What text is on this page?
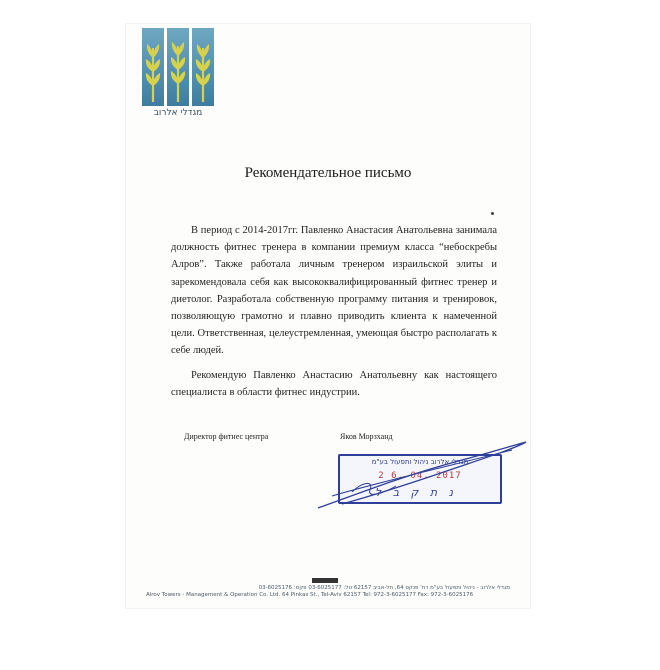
מגדלי אלרוב
Рекомендательное письмо

В период с 2014-2017гг. Павленко Анастасия Анатольевна занимала должность фитнес тренера в компании премиум класса “небоскребы Алров”. Также работала личным тренером израильской элиты и зарекомендовала себя как высококвалифицированный фитнес тренер и диетолог. Разработала собственную программу питания и тренировок, позволяющую грамотно и плавно приводить клиента к намеченной цели. Ответственная, целеустремленная, умеющая быстро располагать к себе людей.

Рекомендую Павленко Анастасию Анатольевну как настоящего специалиста в области фитнес индустрии.

Директор фитнес центра	Яков Морзханд
מגדלי אלרוב ניהול ותפעול בע"מ
2 6. 04. 2017
נ ת ק ב ל
מגדלי אלרוב - ניהול ותפעול בע"מ רח' פנקס 64, תל-אביב 62157 טל: 03-6025177 פקס: 03-6025176
Alrov Towers - Management & Operation Co. Ltd. 64 Pinkas St., Tel-Aviv 62157 Tel: 972-3-6025177 Fax: 972-3-6025176
